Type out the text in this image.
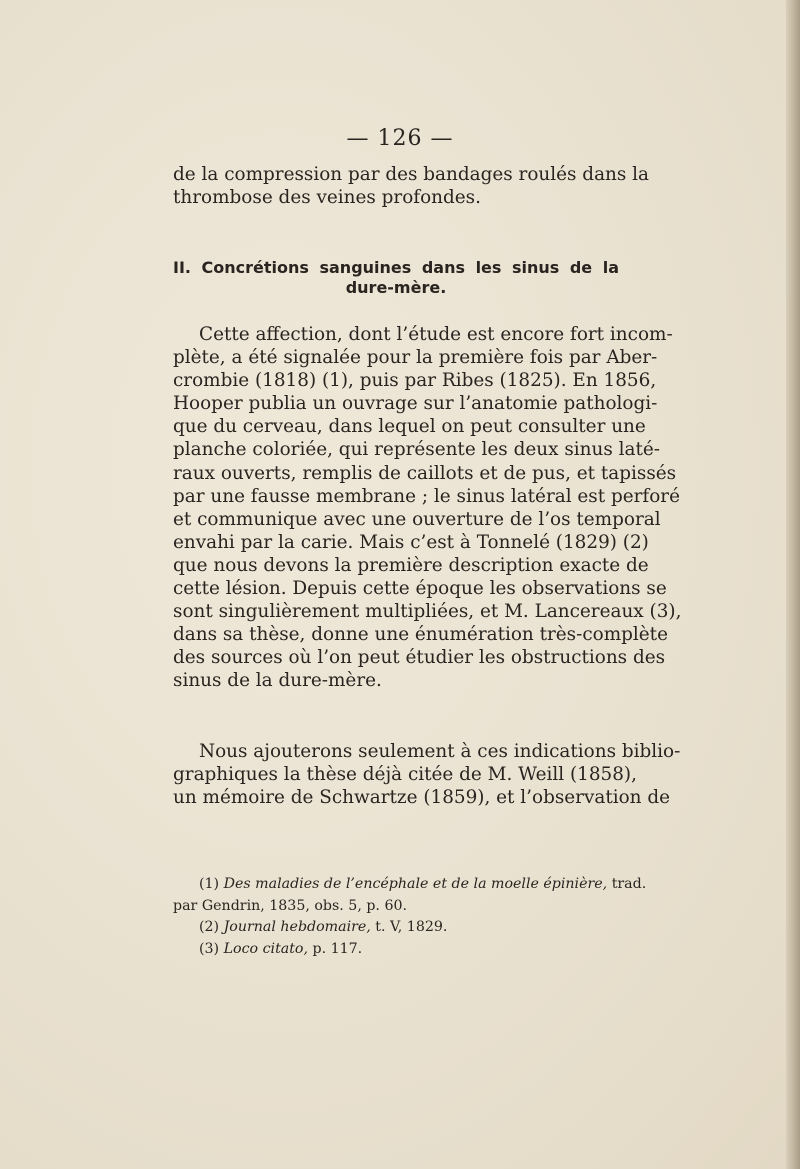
— 126 —
de la compression par des bandages roulés dans la
thrombose des veines profondes.
II. Concrétions sanguines dans les sinus de la
dure-mère.
Cette affection, dont l’étude est encore fort incom-
plète, a été signalée pour la première fois par Aber-
crombie (1818) (1), puis par Ribes (1825). En 1856,
Hooper publia un ouvrage sur l’anatomie pathologi-
que du cerveau, dans lequel on peut consulter une
planche coloriée, qui représente les deux sinus laté-
raux ouverts, remplis de caillots et de pus, et tapissés
par une fausse membrane ; le sinus latéral est perforé
et communique avec une ouverture de l’os temporal
envahi par la carie. Mais c’est à Tonnelé (1829) (2)
que nous devons la première description exacte de
cette lésion. Depuis cette époque les observations se
sont singulièrement multipliées, et M. Lancereaux (3),
dans sa thèse, donne une énumération très-complète
des sources où l’on peut étudier les obstructions des
sinus de la dure-mère.
Nous ajouterons seulement à ces indications biblio-
graphiques la thèse déjà citée de M. Weill (1858),
un mémoire de Schwartze (1859), et l’observation de
(1) Des maladies de l’encéphale et de la moelle épinière, trad.
par Gendrin, 1835, obs. 5, p. 60.
(2) Journal hebdomaire, t. V, 1829.
(3) Loco citato, p. 117.
